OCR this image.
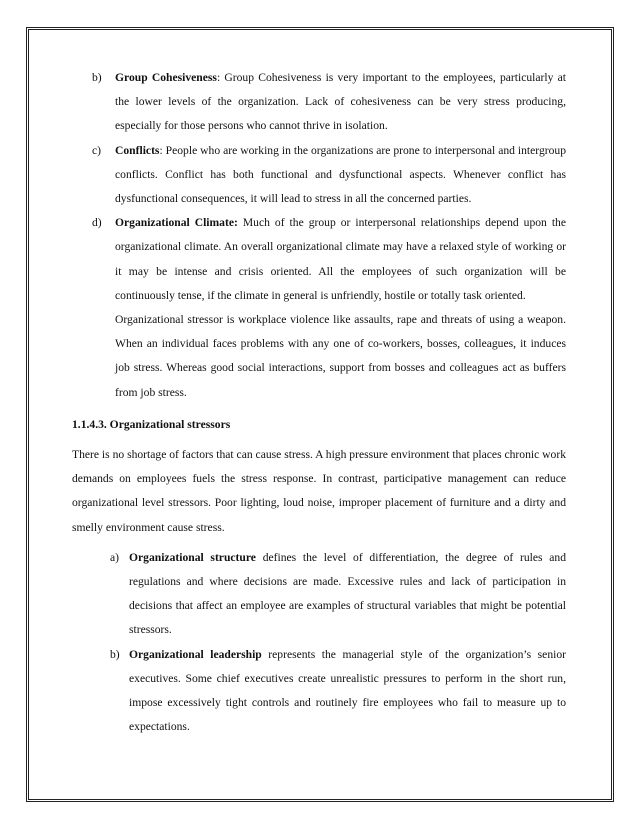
b) Group Cohesiveness: Group Cohesiveness is very important to the employees, particularly at the lower levels of the organization. Lack of cohesiveness can be very stress producing, especially for those persons who cannot thrive in isolation.
c) Conflicts: People who are working in the organizations are prone to interpersonal and intergroup conflicts. Conflict has both functional and dysfunctional aspects. Whenever conflict has dysfunctional consequences, it will lead to stress in all the concerned parties.
d) Organizational Climate: Much of the group or interpersonal relationships depend upon the organizational climate. An overall organizational climate may have a relaxed style of working or it may be intense and crisis oriented. All the employees of such organization will be continuously tense, if the climate in general is unfriendly, hostile or totally task oriented.
Organizational stressor is workplace violence like assaults, rape and threats of using a weapon. When an individual faces problems with any one of co-workers, bosses, colleagues, it induces job stress. Whereas good social interactions, support from bosses and colleagues act as buffers from job stress.
1.1.4.3. Organizational stressors
There is no shortage of factors that can cause stress. A high pressure environment that places chronic work demands on employees fuels the stress response. In contrast, participative management can reduce organizational level stressors. Poor lighting, loud noise, improper placement of furniture and a dirty and smelly environment cause stress.
a) Organizational structure defines the level of differentiation, the degree of rules and regulations and where decisions are made. Excessive rules and lack of participation in decisions that affect an employee are examples of structural variables that might be potential stressors.
b) Organizational leadership represents the managerial style of the organization’s senior executives. Some chief executives create unrealistic pressures to perform in the short run, impose excessively tight controls and routinely fire employees who fail to measure up to expectations.
